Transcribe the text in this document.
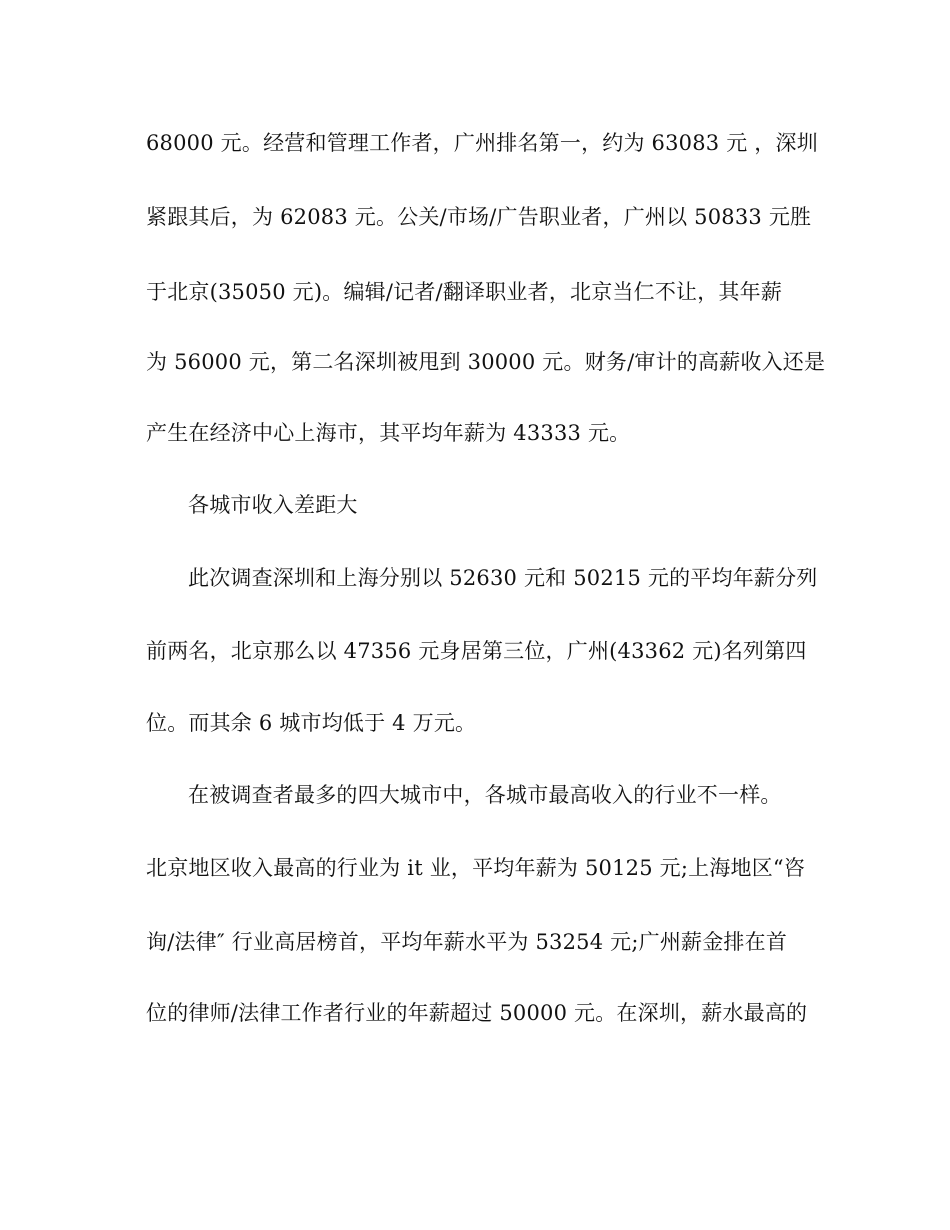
68000 元。经营和管理工作者，广州排名第一，约为 63083 元 ，深圳
紧跟其后，为 62083 元。公关/市场/广告职业者，广州以 50833 元胜
于北京(35050 元)。编辑/记者/翻译职业者，北京当仁不让，其年薪
为 56000 元，第二名深圳被甩到 30000 元。财务/审计的高薪收入还是
产生在经济中心上海市，其平均年薪为 43333 元。
各城市收入差距大
此次调查深圳和上海分别以 52630 元和 50215 元的平均年薪分列
前两名，北京那么以 47356 元身居第三位，广州(43362 元)名列第四
位。而其余 6 城市均低于 4 万元。
在被调查者最多的四大城市中，各城市最高收入的行业不一样。
北京地区收入最高的行业为 it 业，平均年薪为 50125 元;上海地区“咨
询/法律″ 行业高居榜首，平均年薪水平为 53254 元;广州薪金排在首
位的律师/法律工作者行业的年薪超过 50000 元。在深圳，薪水最高的
